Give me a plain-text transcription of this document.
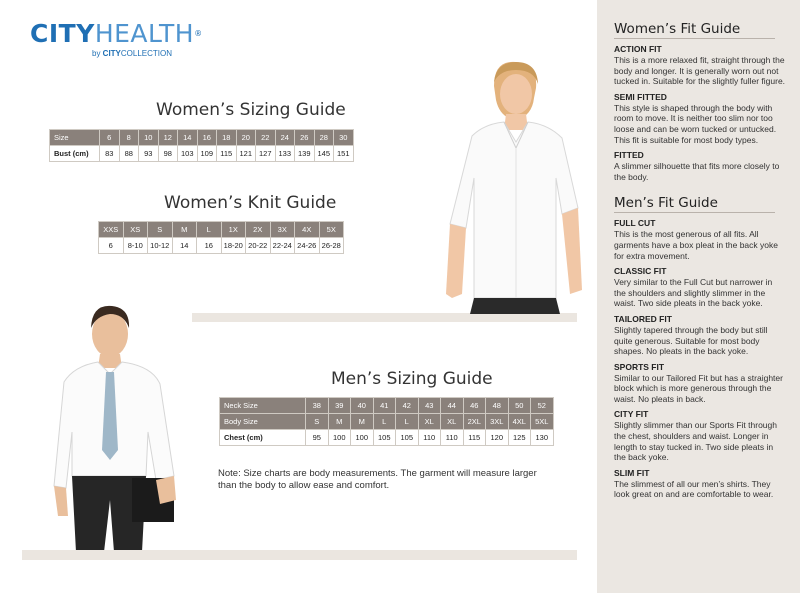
CITYHEALTH®
by CITYCOLLECTION
Women’s Sizing Guide
Size	6	8	10	12	14	16	18	20	22	24	26	28	30
Bust (cm)	83	88	93	98	103	109	115	121	127	133	139	145	151
Women’s Knit Guide
XXS	XS	S	M	L	1X	2X	3X	4X	5X
6	8-10	10-12	14	16	18-20	20-22	22-24	24-26	26-28
Men’s Sizing Guide
Neck Size	38	39	40	41	42	43	44	46	48	50	52
Body Size	S	M	M	L	L	XL	XL	2XL	3XL	4XL	5XL
Chest (cm)	95	100	100	105	105	110	110	115	120	125	130
Note: Size charts are body measurements. The garment will measure larger than the body to allow ease and comfort.
Women’s Fit Guide
ACTION FIT

This is a more relaxed fit, straight through the body and longer. It is generally worn out not tucked in. Suitable for the slightly fuller figure.

SEMI FITTED

This style is shaped through the body with room to move. It is neither too slim nor too loose and can be worn tucked or untucked. This fit is suitable for most body types.

FITTED

A slimmer silhouette that fits more closely to the body.

Men’s Fit Guide
FULL CUT

This is the most generous of all fits. All garments have a box pleat in the back yoke for extra movement.

CLASSIC FIT

Very similar to the Full Cut but narrower in the shoulders and slightly slimmer in the waist. Two side pleats in the back yoke.

TAILORED FIT

Slightly tapered through the body but still quite generous. Suitable for most body shapes. No pleats in the back yoke.

SPORTS FIT

Similar to our Tailored Fit but has a straighter block which is more generous through the waist. No pleats in back.

CITY FIT

Slightly slimmer than our Sports Fit through the chest, shoulders and waist. Longer in length to stay tucked in. Two side pleats in the back yoke.

SLIM FIT

The slimmest of all our men’s shirts. They look great on and are comfortable to wear.
